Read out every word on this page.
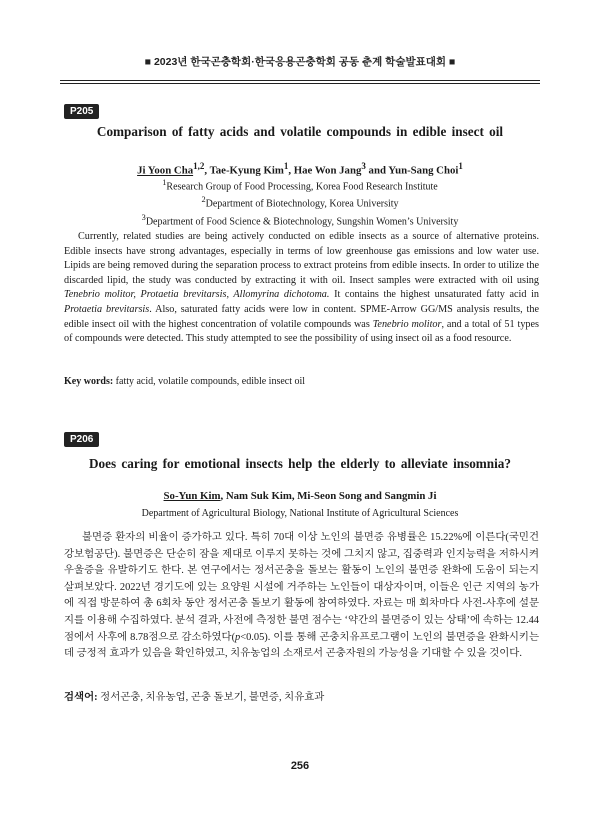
■ 2023년 한국곤충학회·한국응용곤충학회 공동 춘계 학술발표대회 ■
P205
Comparison of fatty acids and volatile compounds in edible insect oil
Ji Yoon Cha$^{1,2}$, Tae-Kyung Kim$^1$, Hae Won Jang$^3$ and Yun-Sang Choi$^1$
$^1$Research Group of Food Processing, Korea Food Research Institute
$^2$Department of Biotechnology, Korea University
$^3$Department of Food Science & Biotechnology, Sungshin Women’s University

Currently, related studies are being actively conducted on edible insects as a source of alternative proteins. Edible insects have strong advantages, especially in terms of low greenhouse gas emissions and low water use. Lipids are being removed during the separation process to extract proteins from edible insects. In order to utilize the discarded lipid, the study was conducted by extracting it with oil. Insect samples were extracted with oil using Tenebrio molitor, Protaetia brevitarsis, Allomyrina dichotoma. It contains the highest unsaturated fatty acid in Protaetia brevitarsis. Also, saturated fatty acids were low in content. SPME-Arrow GG/MS analysis results, the edible insect oil with the highest concentration of volatile compounds was Tenebrio molitor, and a total of 51 types of compounds were detected. This study attempted to see the possibility of using insect oil as a food resource.

Key words: fatty acid, volatile compounds, edible insect oil
P206
Does caring for emotional insects help the elderly to alleviate insomnia?
So-Yun Kim, Nam Suk Kim, Mi-Seon Song and Sangmin Ji
Department of Agricultural Biology, National Institute of Agricultural Sciences

불면증 환자의 비율이 증가하고 있다. 특히 70대 이상 노인의 불면증 유병률은 15.22%에 이른다(국민건강보험공단). 불면증은 단순히 잠을 제대로 이루지 못하는 것에 그치지 않고, 집중력과 인지능력을 저하시켜 우울증을 유발하기도 한다. 본 연구에서는 정서곤충을 돌보는 활동이 노인의 불면증 완화에 도움이 되는지 살펴보았다. 2022년 경기도에 있는 요양원 시설에 거주하는 노인들이 대상자이며, 이들은 인근 지역의 농가에 직접 방문하여 총 6회차 동안 정서곤충 돌보기 활동에 참여하였다. 자료는 매 회차마다 사전-사후에 설문지를 이용해 수집하였다. 분석 결과, 사전에 측정한 불면 점수는 ‘약간의 불면증이 있는 상태’에 속하는 12.44점에서 사후에 8.78점으로 감소하였다(p<0.05). 이를 통해 곤충치유프로그램이 노인의 불면증을 완화시키는데 긍정적 효과가 있음을 확인하였고, 치유농업의 소재로서 곤충자원의 가능성을 기대할 수 있을 것이다.

검색어: 정서곤충, 치유농업, 곤충 돌보기, 불면증, 치유효과
256
